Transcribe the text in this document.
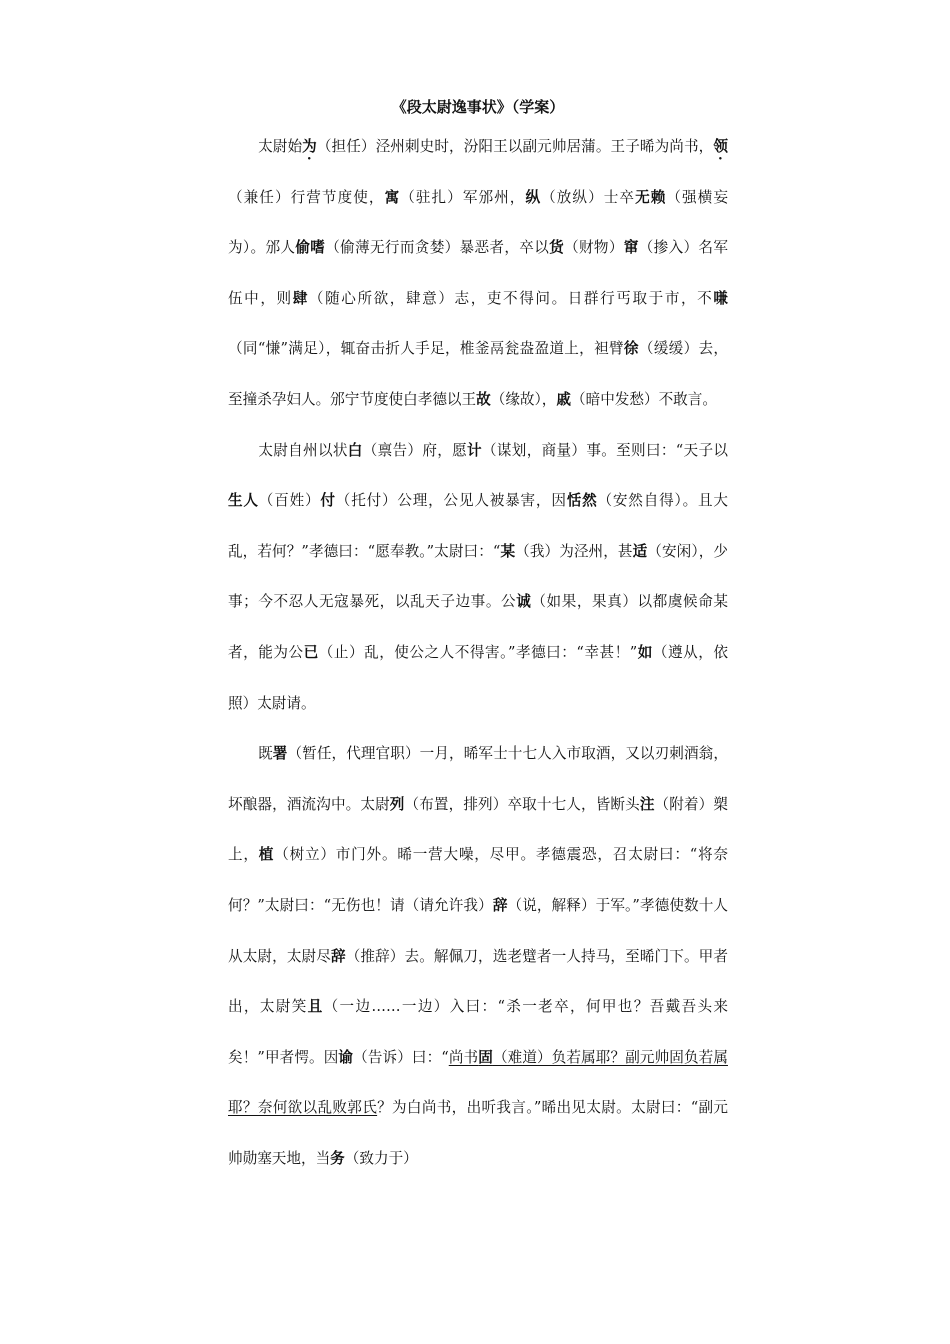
《段太尉逸事状》（学案）

太尉始为（担任）泾州刺史时，汾阳王以副元帅居蒲。王子晞为尚书，领（兼任）行营节度使，寓（驻扎）军邠州，纵（放纵）士卒无赖（强横妄为）。邠人偷嗜（偷薄无行而贪婪）暴恶者，卒以货（财物）窜（掺入）名军伍中，则肆（随心所欲，肆意）志，吏不得问。日群行丐取于市，不嗛（同“慊”满足），辄奋击折人手足，椎釜鬲瓮盎盈道上，袒臂徐（缓缓）去，至撞杀孕妇人。邠宁节度使白孝德以王故（缘故），戚（暗中发愁）不敢言。

太尉自州以状白（禀告）府，愿计（谋划，商量）事。至则曰：“天子以生人（百姓）付（托付）公理，公见人被暴害，因恬然（安然自得）。且大乱，若何？”孝德曰：“愿奉教。”太尉曰：“某（我）为泾州，甚适（安闲），少事；今不忍人无寇暴死，以乱天子边事。公诚（如果，果真）以都虞候命某者，能为公已（止）乱，使公之人不得害。”孝德曰：“幸甚！”如（遵从，依照）太尉请。

既署（暂任，代理官职）一月，晞军士十七人入市取酒，又以刃刺酒翁，坏酿器，酒流沟中。太尉列（布置，排列）卒取十七人，皆断头注（附着）槊上，植（树立）市门外。晞一营大噪，尽甲。孝德震恐，召太尉曰：“将奈何？”太尉曰：“无伤也！请（请允许我）辞（说，解释）于军。”孝德使数十人从太尉，太尉尽辞（推辞）去。解佩刀，选老躄者一人持马，至晞门下。甲者出，太尉笑且（一边……一边）入曰：“杀一老卒，何甲也？吾戴吾头来矣！”甲者愕。因谕（告诉）曰：“尚书固（难道）负若属耶？副元帅固负若属耶？奈何欲以乱败郭氏？为白尚书，出听我言。”晞出见太尉。太尉曰：“副元帅勋塞天地，当务（致力于）
